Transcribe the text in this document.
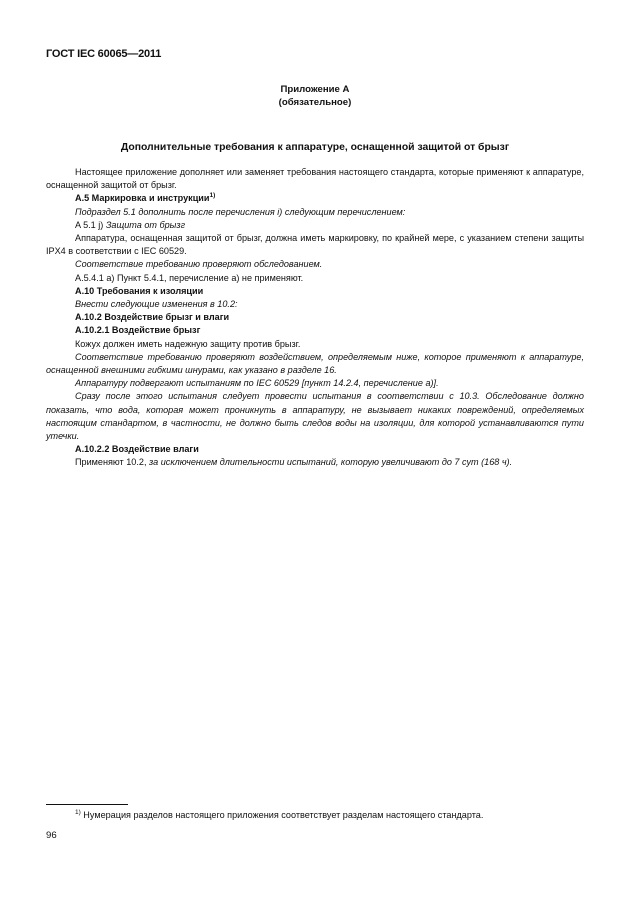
ГОСТ IEC 60065—2011
Приложение А
(обязательное)
Дополнительные требования к аппаратуре, оснащенной защитой от брызг

Настоящее приложение дополняет или заменяет требования настоящего стандарта, которые применяют к аппаратуре, оснащенной защитой от брызг.

А.5 Маркировка и инструкции$^{1)}$

Подраздел 5.1 дополнить после перечисления i) следующим перечислением:

A 5.1 j) Защита от брызг

Аппаратура, оснащенная защитой от брызг, должна иметь маркировку, по крайней мере, с указанием степени защиты IPX4 в соответствии с IEC 60529.

Соответствие требованию проверяют обследованием.

А.5.4.1 а) Пункт 5.4.1, перечисление а) не применяют.

А.10 Требования к изоляции

Внести следующие изменения в 10.2:

А.10.2 Воздействие брызг и влаги

А.10.2.1 Воздействие брызг

Кожух должен иметь надежную защиту против брызг.

Соответствие требованию проверяют воздействием, определяемым ниже, которое применяют к аппаратуре, оснащенной внешними гибкими шнурами, как указано в разделе 16.

Аппаратуру подвергают испытаниям по IEC 60529 [пункт 14.2.4, перечисление а)].

Сразу после этого испытания следует провести испытания в соответствии с 10.3. Обследование должно показать, что вода, которая может проникнуть в аппаратуру, не вызывает никаких повреждений, определяемых настоящим стандартом, в частности, не должно быть следов воды на изоляции, для которой устанавливаются пути утечки.

А.10.2.2 Воздействие влаги

Применяют 10.2, за исключением длительности испытаний, которую увеличивают до 7 сут (168 ч).

$^{1)}$ Нумерация разделов настоящего приложения соответствует разделам настоящего стандарта.
96
